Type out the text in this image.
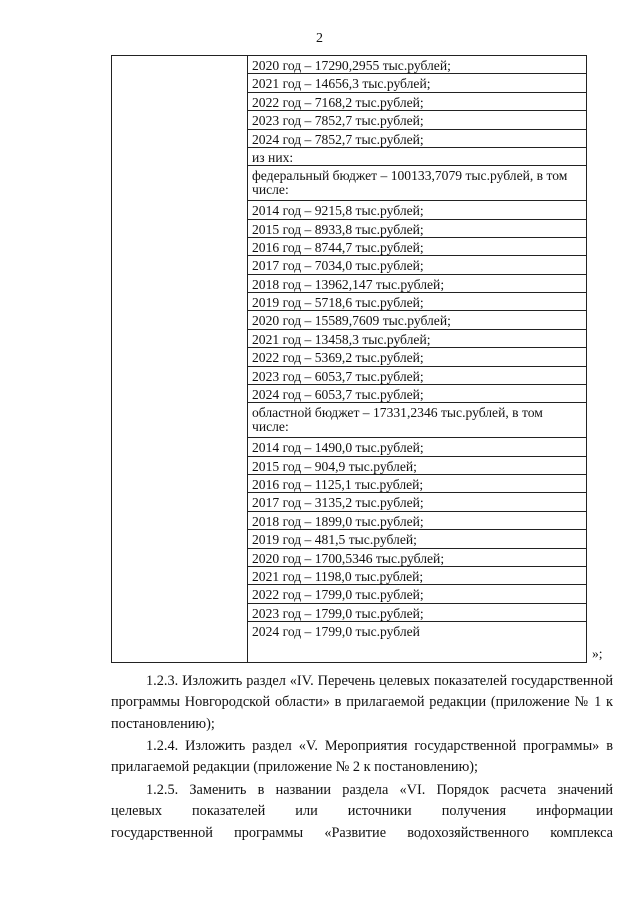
2
2020 год – 17290,2955 тыс.рублей;
2021 год – 14656,3 тыс.рублей;
2022 год – 7168,2 тыс.рублей;
2023 год – 7852,7 тыс.рублей;
2024 год – 7852,7 тыс.рублей;
из них:
федеральный бюджет – 100133,7079 тыс.рублей, в том числе:
2014 год – 9215,8 тыс.рублей;
2015 год – 8933,8 тыс.рублей;
2016 год – 8744,7 тыс.рублей;
2017 год – 7034,0 тыс.рублей;
2018 год – 13962,147 тыс.рублей;
2019 год – 5718,6 тыс.рублей;
2020 год – 15589,7609 тыс.рублей;
2021 год – 13458,3 тыс.рублей;
2022 год – 5369,2 тыс.рублей;
2023 год – 6053,7 тыс.рублей;
2024 год – 6053,7 тыс.рублей;
областной бюджет – 17331,2346 тыс.рублей, в том числе:
2014 год – 1490,0 тыс.рублей;
2015 год – 904,9 тыс.рублей;
2016 год – 1125,1 тыс.рублей;
2017 год – 3135,2 тыс.рублей;
2018 год – 1899,0 тыс.рублей;
2019 год – 481,5 тыс.рублей;
2020 год – 1700,5346 тыс.рублей;
2021 год – 1198,0 тыс.рублей;
2022 год – 1799,0 тыс.рублей;
2023 год – 1799,0 тыс.рублей;
2024 год – 1799,0 тыс.рублей
»;
1.2.3. Изложить раздел «IV. Перечень целевых показателей государственной программы Новгородской области» в прилагаемой редакции (приложение № 1 к постановлению);
1.2.4. Изложить раздел «V. Мероприятия государственной программы» в прилагаемой редакции (приложение № 2 к постановлению);
1.2.5. Заменить в названии раздела «VI. Порядок расчета значений
целевых показателей или источники получения информации
государственной программы «Развитие водохозяйственного комплекса
